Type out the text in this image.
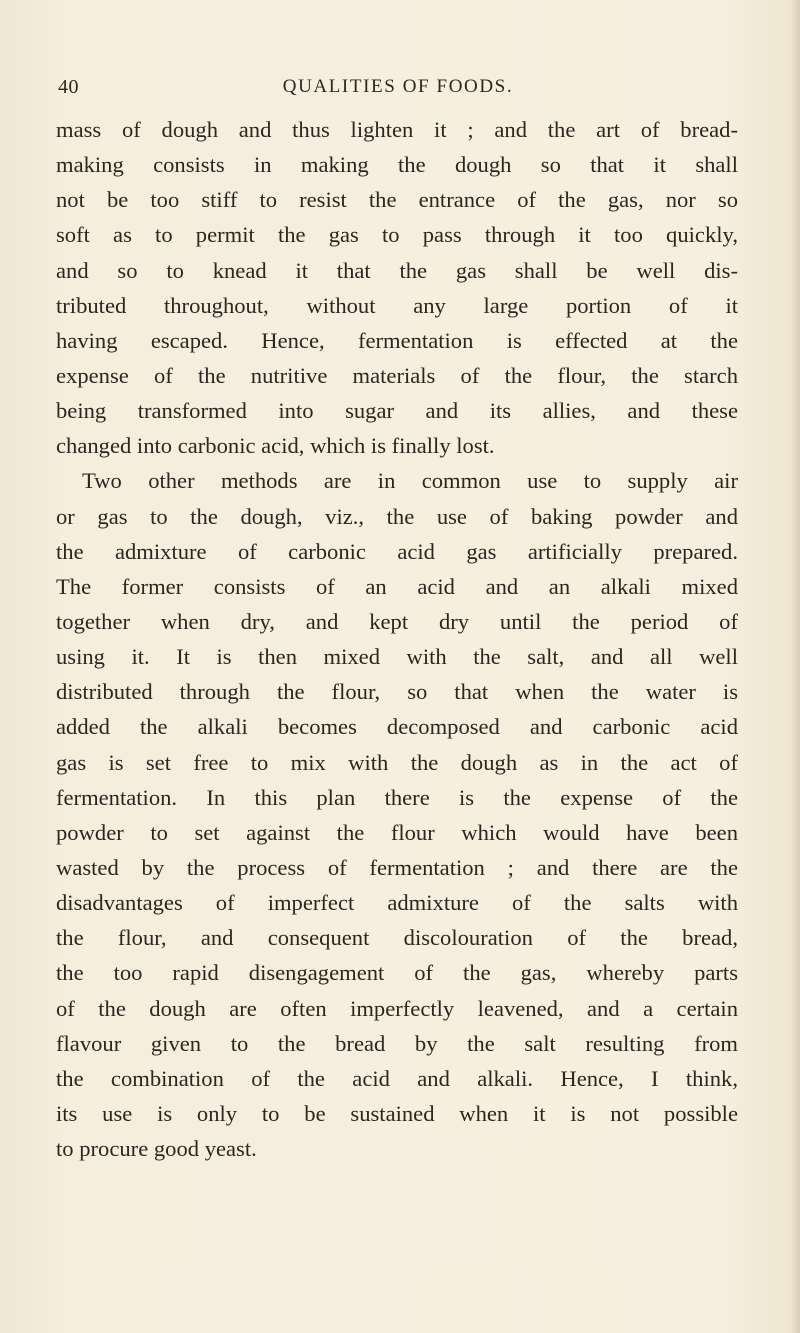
40	QUALITIES OF FOODS.
mass of dough and thus lighten it ; and the art of bread-
making consists in making the dough so that it shall
not be too stiff to resist the entrance of the gas, nor so
soft as to permit the gas to pass through it too quickly,
and so to knead it that the gas shall be well dis-
tributed throughout, without any large portion of it
having escaped. Hence, fermentation is effected at the
expense of the nutritive materials of the flour, the starch
being transformed into sugar and its allies, and these
changed into carbonic acid, which is finally lost.
Two other methods are in common use to supply air
or gas to the dough, viz., the use of baking powder and
the admixture of carbonic acid gas artificially prepared.
The former consists of an acid and an alkali mixed
together when dry, and kept dry until the period of
using it. It is then mixed with the salt, and all well
distributed through the flour, so that when the water is
added the alkali becomes decomposed and carbonic acid
gas is set free to mix with the dough as in the act of
fermentation. In this plan there is the expense of the
powder to set against the flour which would have been
wasted by the process of fermentation ; and there are the
disadvantages of imperfect admixture of the salts with
the flour, and consequent discolouration of the bread,
the too rapid disengagement of the gas, whereby parts
of the dough are often imperfectly leavened, and a certain
flavour given to the bread by the salt resulting from
the combination of the acid and alkali. Hence, I think,
its use is only to be sustained when it is not possible
to procure good yeast.
